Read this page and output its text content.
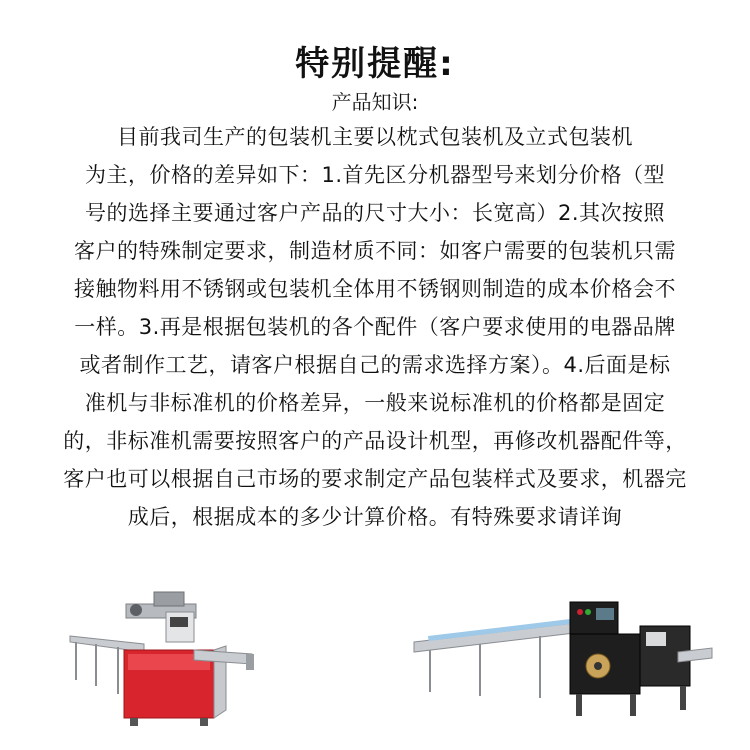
特别提醒:
产品知识:
目前我司生产的包装机主要以枕式包装机及立式包装机
为主，价格的差异如下：1.首先区分机器型号来划分价格（型
号的选择主要通过客户产品的尺寸大小：长宽高）2.其次按照
客户的特殊制定要求，制造材质不同：如客户需要的包装机只需
接触物料用不锈钢或包装机全体用不锈钢则制造的成本价格会不
一样。3.再是根据包装机的各个配件（客户要求使用的电器品牌
或者制作工艺，请客户根据自己的需求选择方案）。4.后面是标
准机与非标准机的价格差异，一般来说标准机的价格都是固定
的，非标准机需要按照客户的产品设计机型，再修改机器配件等，
客户也可以根据自己市场的要求制定产品包装样式及要求，机器完
成后，根据成本的多少计算价格。有特殊要求请详询
